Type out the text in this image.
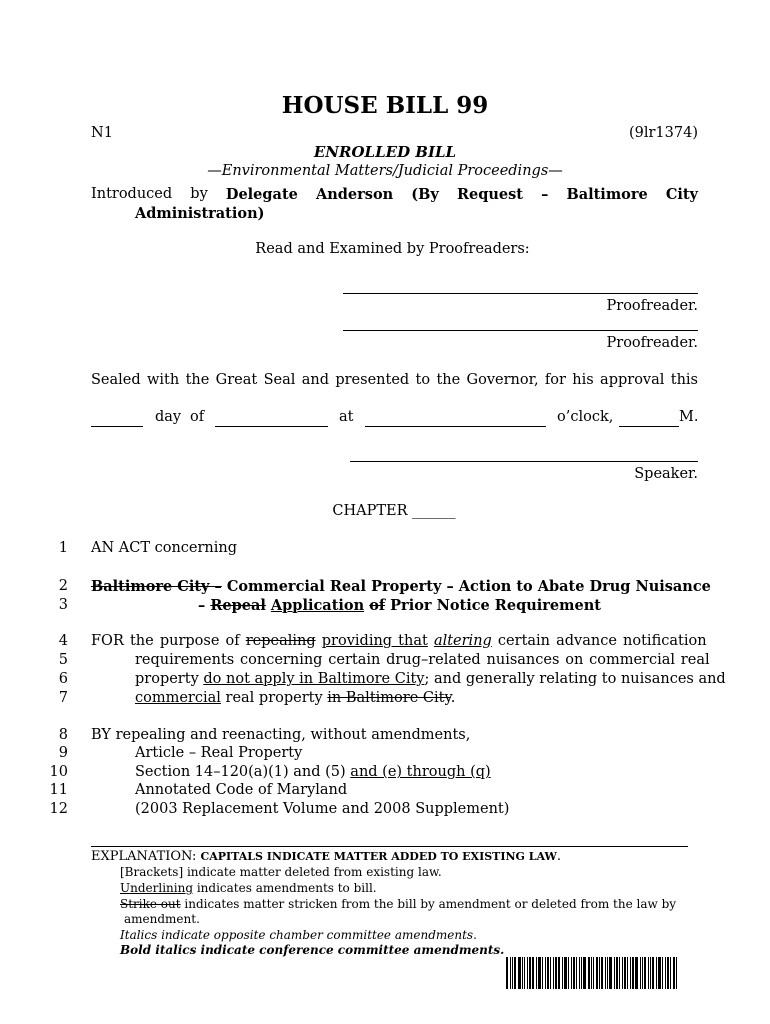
HOUSE BILL 99
N1	(9lr1374)
ENROLLED BILL
—Environmental Matters/Judicial Proceedings—
Introduced by Delegate Anderson (By Request – Baltimore City
Administration)
Read and Examined by Proofreaders:
Proofreader.
Proofreader.
Sealed with the Great Seal and presented to the Governor, for his approval this
day of	at	o’clock,	M.
Speaker.
CHAPTER ______
1
2
3
4
5
6
7
8
9
10
11
12
AN ACT concerning
Baltimore City – Commercial Real Property – Action to Abate Drug Nuisance
– Repeal Application of Prior Notice Requirement
FOR the purpose of repealing providing that altering certain advance notification
requirements concerning certain drug–related nuisances on commercial real
property do not apply in Baltimore City; and generally relating to nuisances and
commercial real property in Baltimore City.
BY repealing and reenacting, without amendments,
Article – Real Property
Section 14–120(a)(1) and (5) and (e) through (q)
Annotated Code of Maryland
(2003 Replacement Volume and 2008 Supplement)
EXPLANATION: CAPITALS INDICATE MATTER ADDED TO EXISTING LAW.
[Brackets] indicate matter deleted from existing law.
Underlining indicates amendments to bill.
Strike out indicates matter stricken from the bill by amendment or deleted from the law by
amendment.
Italics indicate opposite chamber committee amendments.
Bold italics indicate conference committee amendments.
